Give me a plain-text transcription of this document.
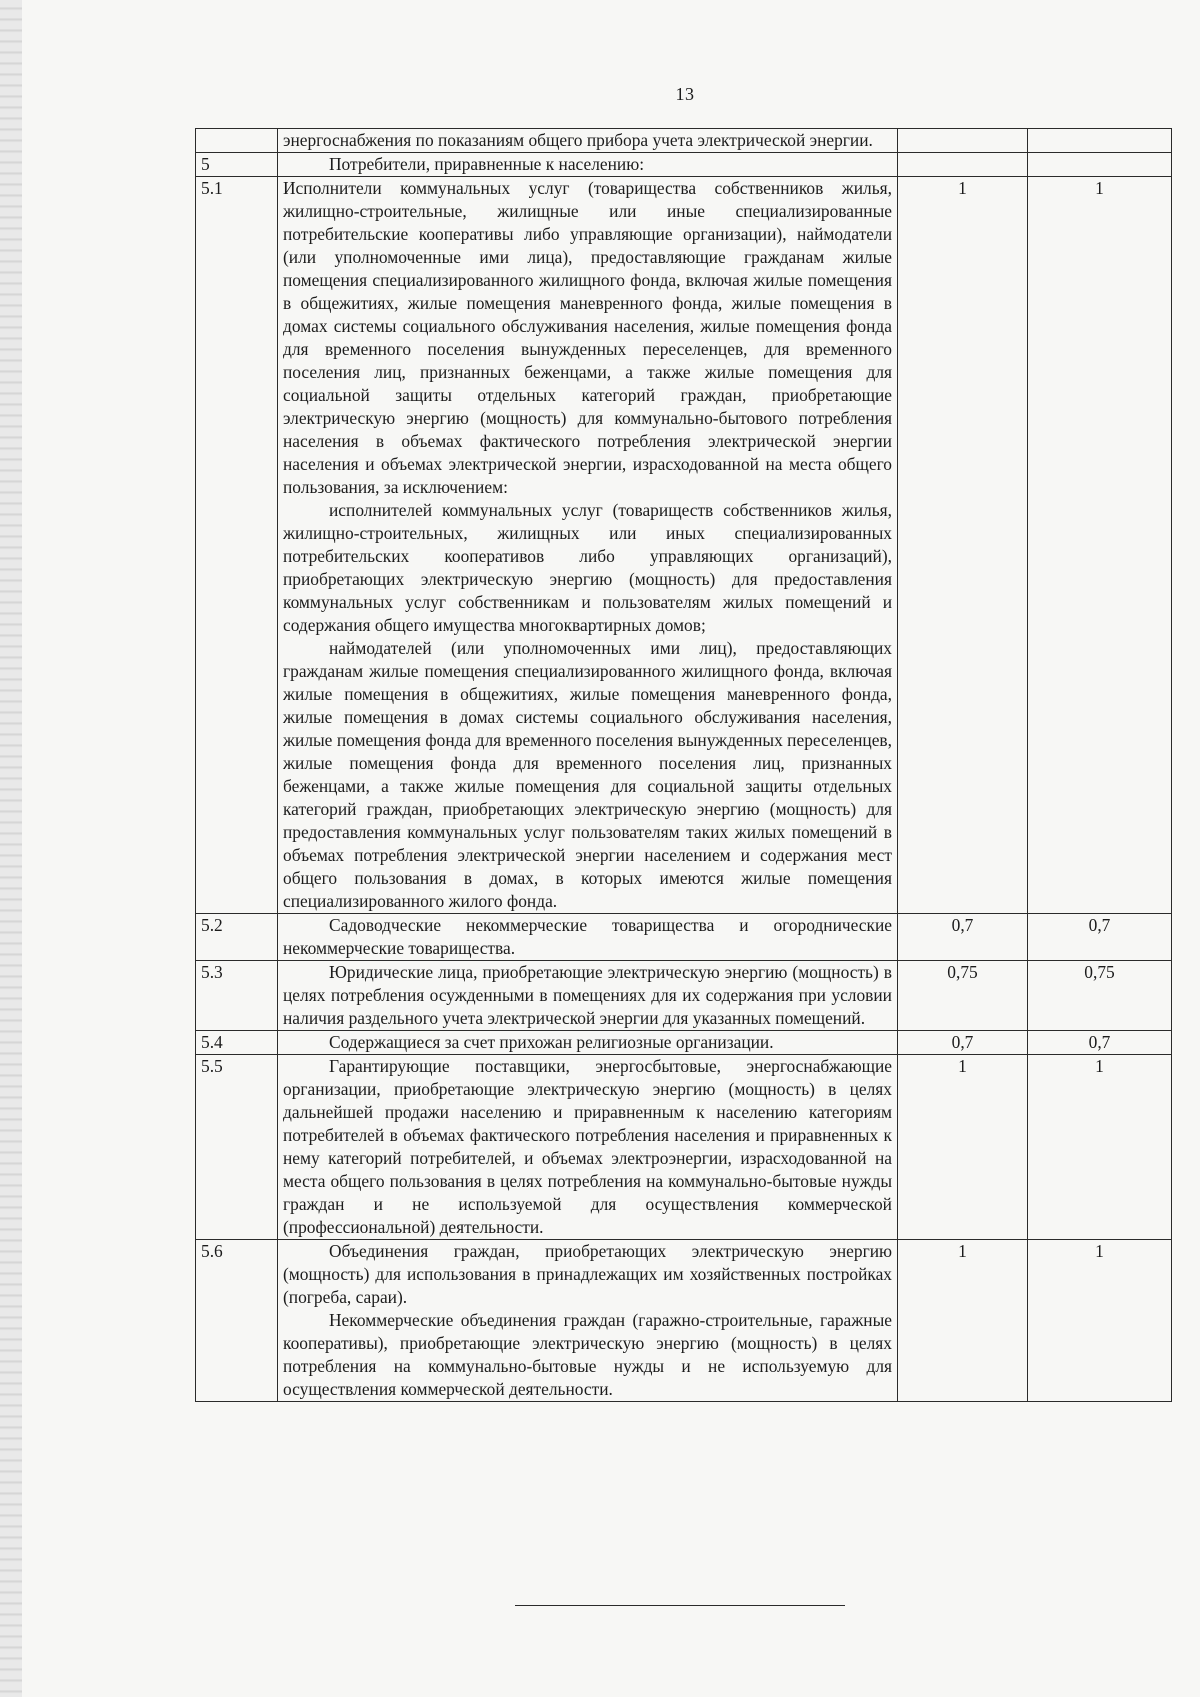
13

	энергоснабжения по показаниям общего прибора учета электрической энергии.		

5	Потребители, приравненные к населению:		

5.1	Исполнители коммунальных услуг (товарищества собственников жилья, жилищно-строительные, жилищные или иные специализированные потребительские кооперативы либо управляющие организации), наймодатели (или уполномоченные ими лица), предоставляющие гражданам жилые помещения специализированного жилищного фонда, включая жилые помещения в общежитиях, жилые помещения маневренного фонда, жилые помещения в домах системы социального обслуживания населения, жилые помещения фонда для временного поселения вынужденных переселенцев, для временного поселения лиц, признанных беженцами, а также жилые помещения для социальной защиты отдельных категорий граждан, приобретающие электрическую энергию (мощность) для коммунально-бытового потребления населения в объемах фактического потребления электрической энергии населения и объемах электрической энергии, израсходованной на места общего пользования, за исключением:

исполнителей коммунальных услуг (товариществ собственников жилья, жилищно-строительных, жилищных или иных специализированных потребительских кооперативов либо управляющих организаций), приобретающих электрическую энергию (мощность) для предоставления коммунальных услуг собственникам и пользователям жилых помещений и содержания общего имущества многоквартирных домов;

наймодателей (или уполномоченных ими лиц), предоставляющих гражданам жилые помещения специализированного жилищного фонда, включая жилые помещения в общежитиях, жилые помещения маневренного фонда, жилые помещения в домах системы социального обслуживания населения, жилые помещения фонда для временного поселения вынужденных переселенцев, жилые помещения фонда для временного поселения лиц, признанных беженцами, а также жилые помещения для социальной защиты отдельных категорий граждан, приобретающих электрическую энергию (мощность) для предоставления коммунальных услуг пользователям таких жилых помещений в объемах потребления электрической энергии населением и содержания мест общего пользования в домах, в которых имеются жилые помещения специализированного жилого фонда.	1	1
5.2	Садоводческие некоммерческие товарищества и огороднические некоммерческие товарищества.	0,7	0,7
5.3	Юридические лица, приобретающие электрическую энергию (мощность) в целях потребления осужденными в помещениях для их содержания при условии наличия раздельного учета электрической энергии для указанных помещений.	0,75	0,75
5.4	Содержащиеся за счет прихожан религиозные организации.	0,7	0,7
5.5	Гарантирующие поставщики, энергосбытовые, энергоснабжающие организации, приобретающие электрическую энергию (мощность) в целях дальнейшей продажи населению и приравненным к населению категориям потребителей в объемах фактического потребления населения и приравненных к нему категорий потребителей, и объемах электроэнергии, израсходованной на места общего пользования в целях потребления на коммунально-бытовые нужды граждан и не используемой для осуществления коммерческой (профессиональной) деятельности.	1	1
5.6	Объединения граждан, приобретающих электрическую энергию (мощность) для использования в принадлежащих им хозяйственных постройках (погреба, сараи).

Некоммерческие объединения граждан (гаражно-строительные, гаражные кооперативы), приобретающие электрическую энергию (мощность) в целях потребления на коммунально-бытовые нужды и не используемую для осуществления коммерческой деятельности.	1	1
